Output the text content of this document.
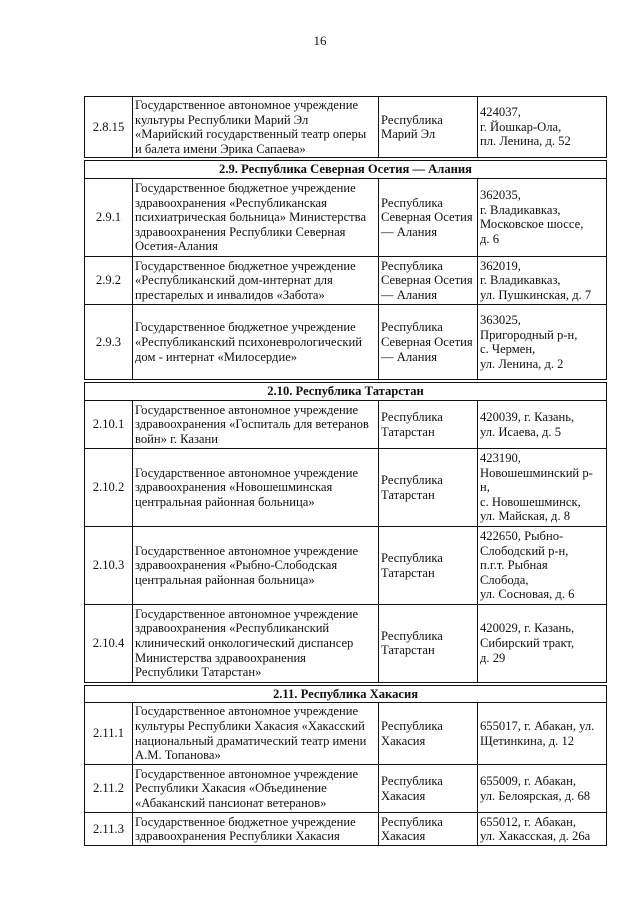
16
2.8.15	Государственное автономное учреждение
культуры Республики Марий Эл
«Марийский государственный театр оперы
и балета имени Эрика Сапаева»	Республика
Марий Эл	424037,
г. Йошкар-Ола,
пл. Ленина, д. 52

2.9. Республика Северная Осетия — Алания			
2.9.1	Государственное бюджетное учреждение
здравоохранения «Республиканская
психиатрическая больница» Министерства
здравоохранения Республики Северная
Осетия-Алания	Республика
Северная Осетия
— Алания	362035,
г. Владикавказ,
Московское шоссе,
д. 6

2.9.2	Государственное бюджетное учреждение
«Республиканский дом-интернат для
престарелых и инвалидов «Забота»	Республика
Северная Осетия
— Алания	362019,
г. Владикавказ,
ул. Пушкинская, д. 7

2.9.3	Государственное бюджетное учреждение
«Республиканский психоневрологический
дом - интернат «Милосердие»	Республика
Северная Осетия
— Алания	363025,
Пригородный р-н,
с. Чермен,
ул. Ленина, д. 2

2.10. Республика Татарстан			
2.10.1	Государственное автономное учреждение
здравоохранения «Госпиталь для ветеранов
войн» г. Казани	Республика
Татарстан	420039, г. Казань,
ул. Исаева, д. 5

2.10.2	Государственное автономное учреждение
здравоохранения «Новошешминская
центральная районная больница»	Республика
Татарстан	423190,
Новошешминский р-
н,
с. Новошешминск,
ул. Майская, д. 8

2.10.3	Государственное автономное учреждение
здравоохранения «Рыбно-Слободская
центральная районная больница»	Республика
Татарстан	422650, Рыбно-
Слободский р-н,
п.г.т. Рыбная
Слобода,
ул. Сосновая, д. 6

2.10.4	Государственное автономное учреждение
здравоохранения «Республиканский
клинический онкологический диспансер
Министерства здравоохранения
Республики Татарстан»	Республика
Татарстан	420029, г. Казань,
Сибирский тракт,
д. 29

2.11. Республика Хакасия			
2.11.1	Государственное автономное учреждение
культуры Республики Хакасия «Хакасский
национальный драматический театр имени
А.М. Топанова»	Республика
Хакасия	655017, г. Абакан, ул.
Щетинкина, д. 12

2.11.2	Государственное автономное учреждение
Республики Хакасия «Объединение
«Абаканский пансионат ветеранов»	Республика
Хакасия	655009, г. Абакан,
ул. Белоярская, д. 68

2.11.3	Государственное бюджетное учреждение
здравоохранения Республики Хакасия	Республика
Хакасия	655012, г. Абакан,
ул. Хакасская, д. 26а
